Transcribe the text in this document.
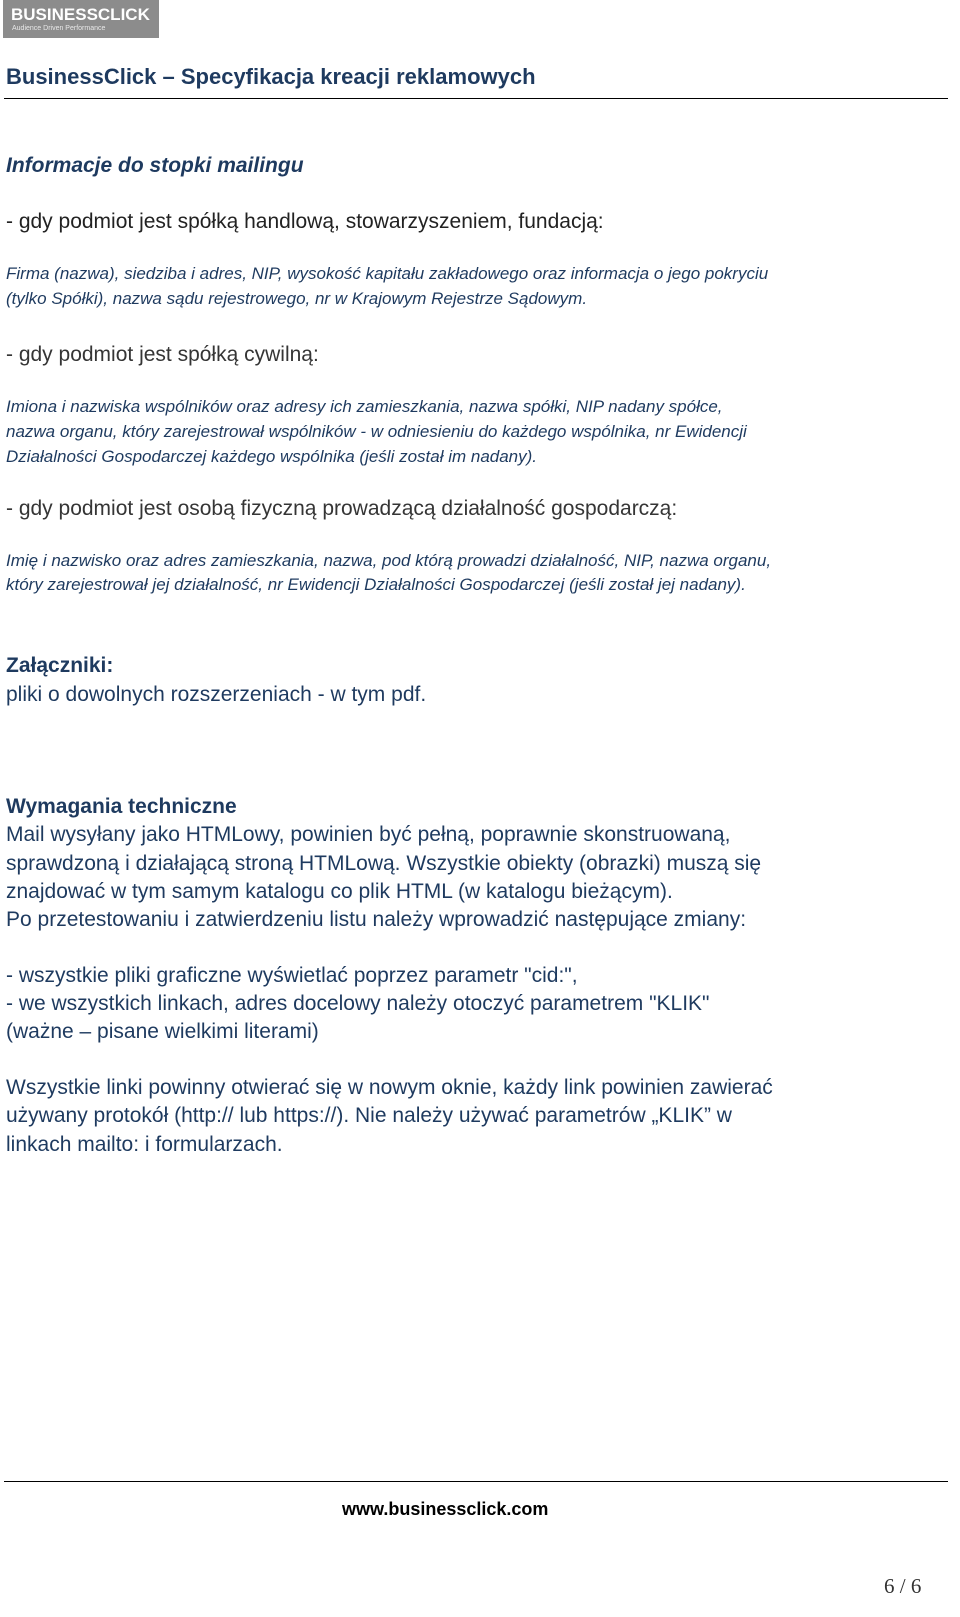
BUSINESSCLICK
Audience Driven Performance
BusinessClick – Specyfikacja kreacji reklamowych
Informacje do stopki mailingu
- gdy podmiot jest spółką handlową, stowarzyszeniem, fundacją:
Firma (nazwa), siedziba i adres, NIP, wysokość kapitału zakładowego oraz informacja o jego pokryciu
(tylko Spółki), nazwa sądu rejestrowego, nr w Krajowym Rejestrze Sądowym.
- gdy podmiot jest spółką cywilną:
Imiona i nazwiska wspólników oraz adresy ich zamieszkania, nazwa spółki, NIP nadany spółce,
nazwa organu, który zarejestrował wspólników - w odniesieniu do każdego wspólnika, nr Ewidencji
Działalności Gospodarczej każdego wspólnika (jeśli został im nadany).
- gdy podmiot jest osobą fizyczną prowadzącą działalność gospodarczą:
Imię i nazwisko oraz adres zamieszkania, nazwa, pod którą prowadzi działalność, NIP, nazwa organu,
który zarejestrował jej działalność, nr Ewidencji Działalności Gospodarczej (jeśli został jej nadany).
Załączniki:
pliki o dowolnych rozszerzeniach - w tym pdf.
Wymagania techniczne
Mail wysyłany jako HTMLowy, powinien być pełną, poprawnie skonstruowaną,
sprawdzoną i działającą stroną HTMLową. Wszystkie obiekty (obrazki) muszą się
znajdować w tym samym katalogu co plik HTML (w katalogu bieżącym).
Po przetestowaniu i zatwierdzeniu listu należy wprowadzić następujące zmiany:
- wszystkie pliki graficzne wyświetlać poprzez parametr "cid:",
- we wszystkich linkach, adres docelowy należy otoczyć parametrem "KLIK"
(ważne – pisane wielkimi literami)
Wszystkie linki powinny otwierać się w nowym oknie, każdy link powinien zawierać
używany protokół (http:// lub https://). Nie należy używać parametrów „KLIK” w
linkach mailto: i formularzach.
www.businessclick.com
6 / 6
